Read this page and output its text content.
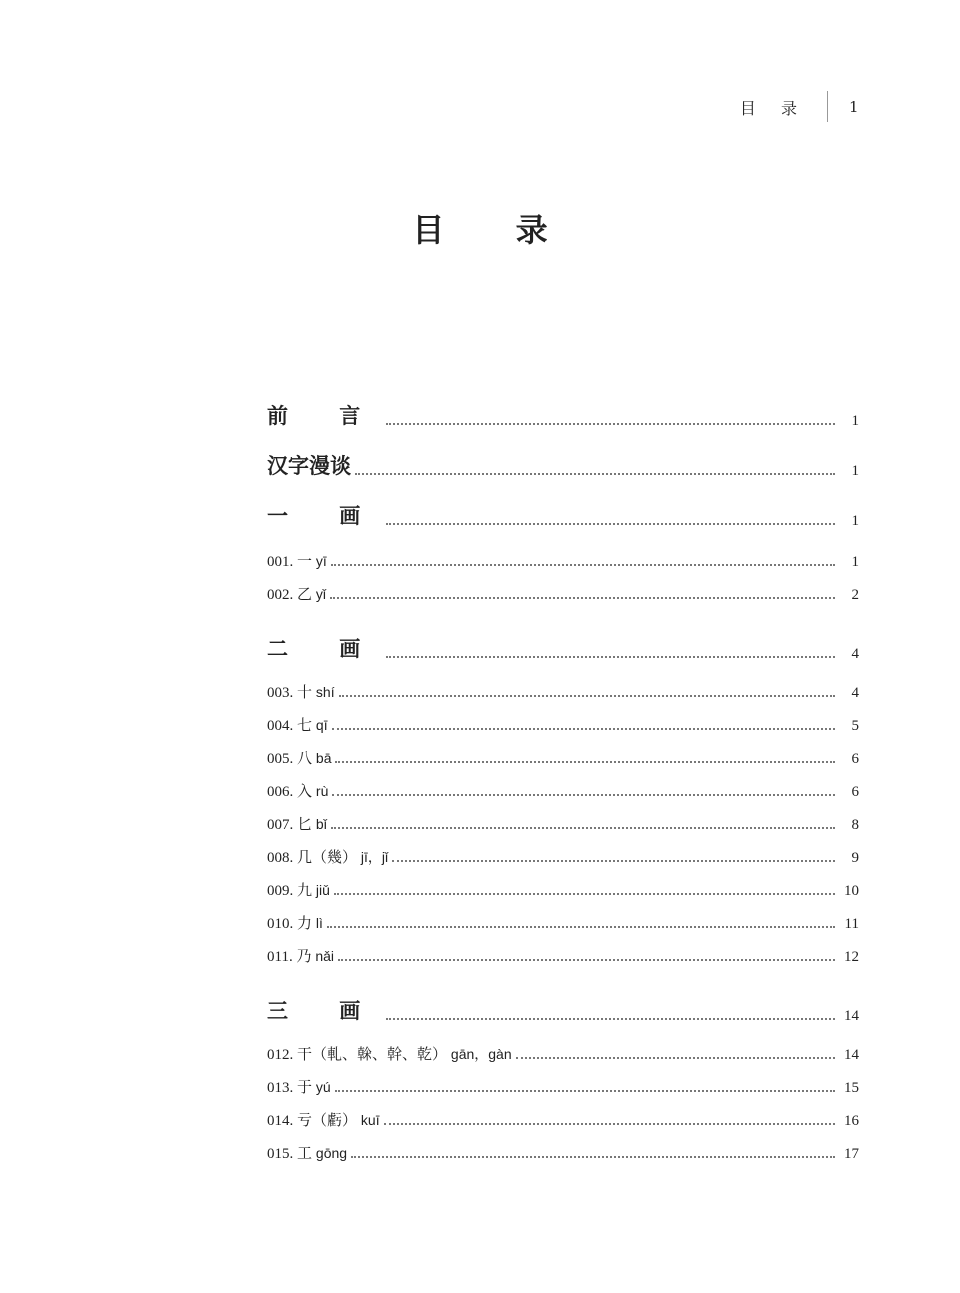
目 录	1
目 录
前 言	1
汉字漫谈	1
一 画	1
001. 一 yī	1
002. 乙 yǐ	2
二 画	4
003. 十 shí	4
004. 七 qī	5
005. 八 bā	6
006. 入 rù	6
007. 匕 bǐ	8
008. 几（幾） jī，jǐ	9
009. 九 jiǔ	10
010. 力 lì	11
011. 乃 nǎi	12
三 画	14
012. 干（軋、榦、幹、乾） gān，gàn	14
013. 于 yú	15
014. 亏（虧） kuī	16
015. 工 gōng	17
